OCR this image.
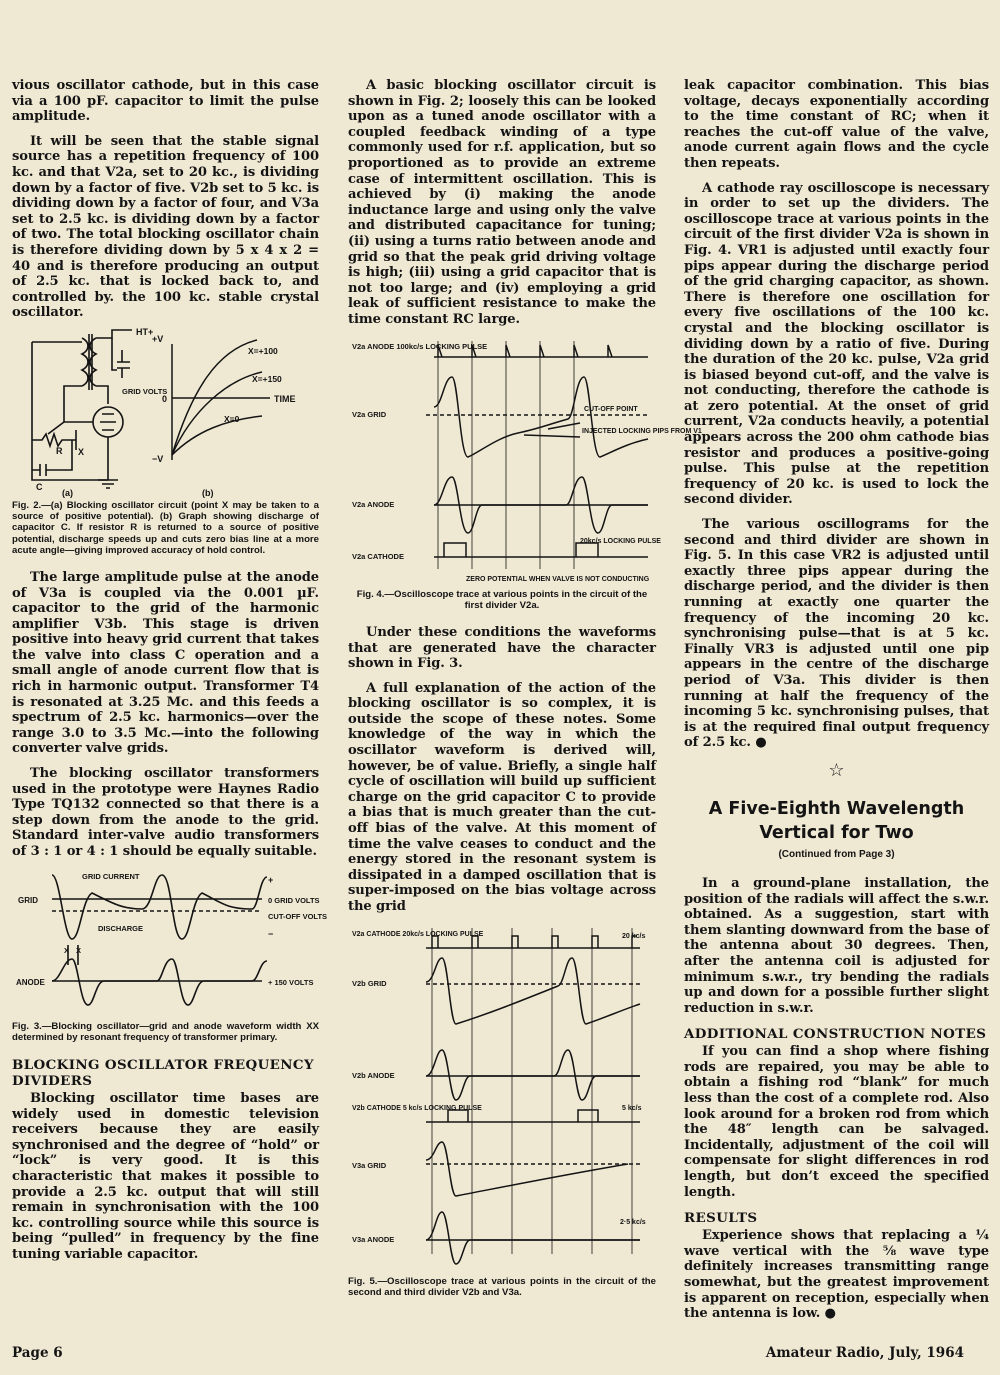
vious oscillator cathode, but in this case via a 100 pF. capacitor to limit the pulse amplitude.

It will be seen that the stable signal source has a repetition frequency of 100 kc. and that V2a, set to 20 kc., is dividing down by a factor of five. V2b set to 5 kc. is dividing down by a factor of four, and V3a set to 2.5 kc. is dividing down by a factor of two. The total blocking oscillator chain is therefore dividing down by 5 x 4 x 2 = 40 and is therefore producing an output of 2.5 kc. that is locked back to, and controlled by. the 100 kc. stable crystal oscillator.

HT+
R
C
X
(a)
+V
−V
GRID VOLTS
0	TIME
X=+100
X=+150
X=0
(b)
Fig. 2.—(a) Blocking oscillator circuit (point X may be taken to a source of positive potential). (b) Graph showing discharge of capacitor C. If resistor R is returned to a source of positive potential, discharge speeds up and cuts zero bias line at a more acute angle—giving improved accuracy of hold control.

The large amplitude pulse at the anode of V3a is coupled via the 0.001 µF. capacitor to the grid of the harmonic amplifier V3b. This stage is driven positive into heavy grid current that takes the valve into class C operation and a small angle of anode current flow that is rich in harmonic output. Transformer T4 is resonated at 3.25 Mc. and this feeds a spectrum of 2.5 kc. harmonics—over the range 3.0 to 3.5 Mc.—into the following converter valve grids.

The blocking oscillator transformers used in the prototype were Haynes Radio Type TQ132 connected so that there is a step down from the anode to the grid. Standard inter-valve audio transformers of 3 : 1 or 4 : 1 should be equally suitable.

GRID
ANODE
GRID CURRENT
DISCHARGE
X X
+
0 GRID VOLTS
CUT-OFF VOLTS
−
+ 150 VOLTS
Fig. 3.—Blocking oscillator—grid and anode waveform width XX determined by resonant frequency of transformer primary.
BLOCKING OSCILLATOR FREQUENCY DIVIDERS

Blocking oscillator time bases are widely used in domestic television receivers because they are easily synchronised and the degree of “hold” or “lock” is very good. It is this characteristic that makes it possible to provide a 2.5 kc. output that will still remain in synchronisation with the 100 kc. controlling source while this source is being “pulled” in frequency by the fine tuning variable capacitor.

A basic blocking oscillator circuit is shown in Fig. 2; loosely this can be looked upon as a tuned anode oscillator with a coupled feedback winding of a type commonly used for r.f. application, but so proportioned as to provide an extreme case of intermittent oscillation. This is achieved by (i) making the anode inductance large and using only the valve and distributed capacitance for tuning; (ii) using a turns ratio between anode and grid so that the peak grid driving voltage is high; (iii) using a grid capacitor that is not too large; and (iv) employing a grid leak of sufficient resistance to make the time constant RC large.

V2a ANODE 100kc/s LOCKING PULSE
V2a GRID
V2a ANODE
V2a CATHODE
CUT-OFF POINT
INJECTED LOCKING PIPS FROM V1
20kc/s LOCKING PULSE
ZERO POTENTIAL WHEN VALVE IS NOT CONDUCTING
Fig. 4.—Oscilloscope trace at various points in the circuit of the first divider V2a.

Under these conditions the waveforms that are generated have the character shown in Fig. 3.

A full explanation of the action of the blocking oscillator is so complex, it is outside the scope of these notes. Some knowledge of the way in which the oscillator waveform is derived will, however, be of value. Briefly, a single half cycle of oscillation will build up sufficient charge on the grid capacitor C to provide a bias that is much greater than the cut-off bias of the valve. At this moment of time the valve ceases to conduct and the energy stored in the resonant system is dissipated in a damped oscillation that is super-imposed on the bias voltage across the grid

V2a CATHODE 20kc/s LOCKING PULSE
V2b GRID
V2b ANODE
V2b CATHODE 5 kc/s LOCKING PULSE
V3a GRID
V3a ANODE
20 kc/s
5 kc/s
2·5 kc/s
Fig. 5.—Oscilloscope trace at various points in the circuit of the second and third divider V2b and V3a.

leak capacitor combination. This bias voltage, decays exponentially according to the time constant of RC; when it reaches the cut-off value of the valve, anode current again flows and the cycle then repeats.

A cathode ray oscilloscope is necessary in order to set up the dividers. The oscilloscope trace at various points in the circuit of the first divider V2a is shown in Fig. 4. VR1 is adjusted until exactly four pips appear during the discharge period of the grid charging capacitor, as shown. There is therefore one oscillation for every five oscillations of the 100 kc. crystal and the blocking oscillator is dividing down by a ratio of five. During the duration of the 20 kc. pulse, V2a grid is biased beyond cut-off, and the valve is not conducting, therefore the cathode is at zero potential. At the onset of grid current, V2a conducts heavily, a potential appears across the 200 ohm cathode bias resistor and produces a positive-going pulse. This pulse at the repetition frequency of 20 kc. is used to lock the second divider.

The various oscillograms for the second and third divider are shown in Fig. 5. In this case VR2 is adjusted until exactly three pips appear during the discharge period, and the divider is then running at exactly one quarter the frequency of the incoming 20 kc. synchronising pulse—that is at 5 kc. Finally VR3 is adjusted until one pip appears in the centre of the discharge period of V3a. This divider is then running at half the frequency of the incoming 5 kc. synchronising pulses, that is at the required final output frequency of 2.5 kc. ●

☆
A Five-Eighth Wavelength Vertical for Two
(Continued from Page 3)

In a ground-plane installation, the position of the radials will affect the s.w.r. obtained. As a suggestion, start with them slanting downward from the base of the antenna about 30 degrees. Then, after the antenna coil is adjusted for minimum s.w.r., try bending the radials up and down for a possible further slight reduction in s.w.r.

ADDITIONAL CONSTRUCTION NOTES

If you can find a shop where fishing rods are repaired, you may be able to obtain a fishing rod “blank” for much less than the cost of a complete rod. Also look around for a broken rod from which the 48″ length can be salvaged. Incidentally, adjustment of the coil will compensate for slight differences in rod length, but don’t exceed the specified length.

RESULTS

Experience shows that replacing a ¼ wave vertical with the ⅝ wave type definitely increases transmitting range somewhat, but the greatest improvement is apparent on reception, especially when the antenna is low. ●

Page 6	Amateur Radio, July, 1964
